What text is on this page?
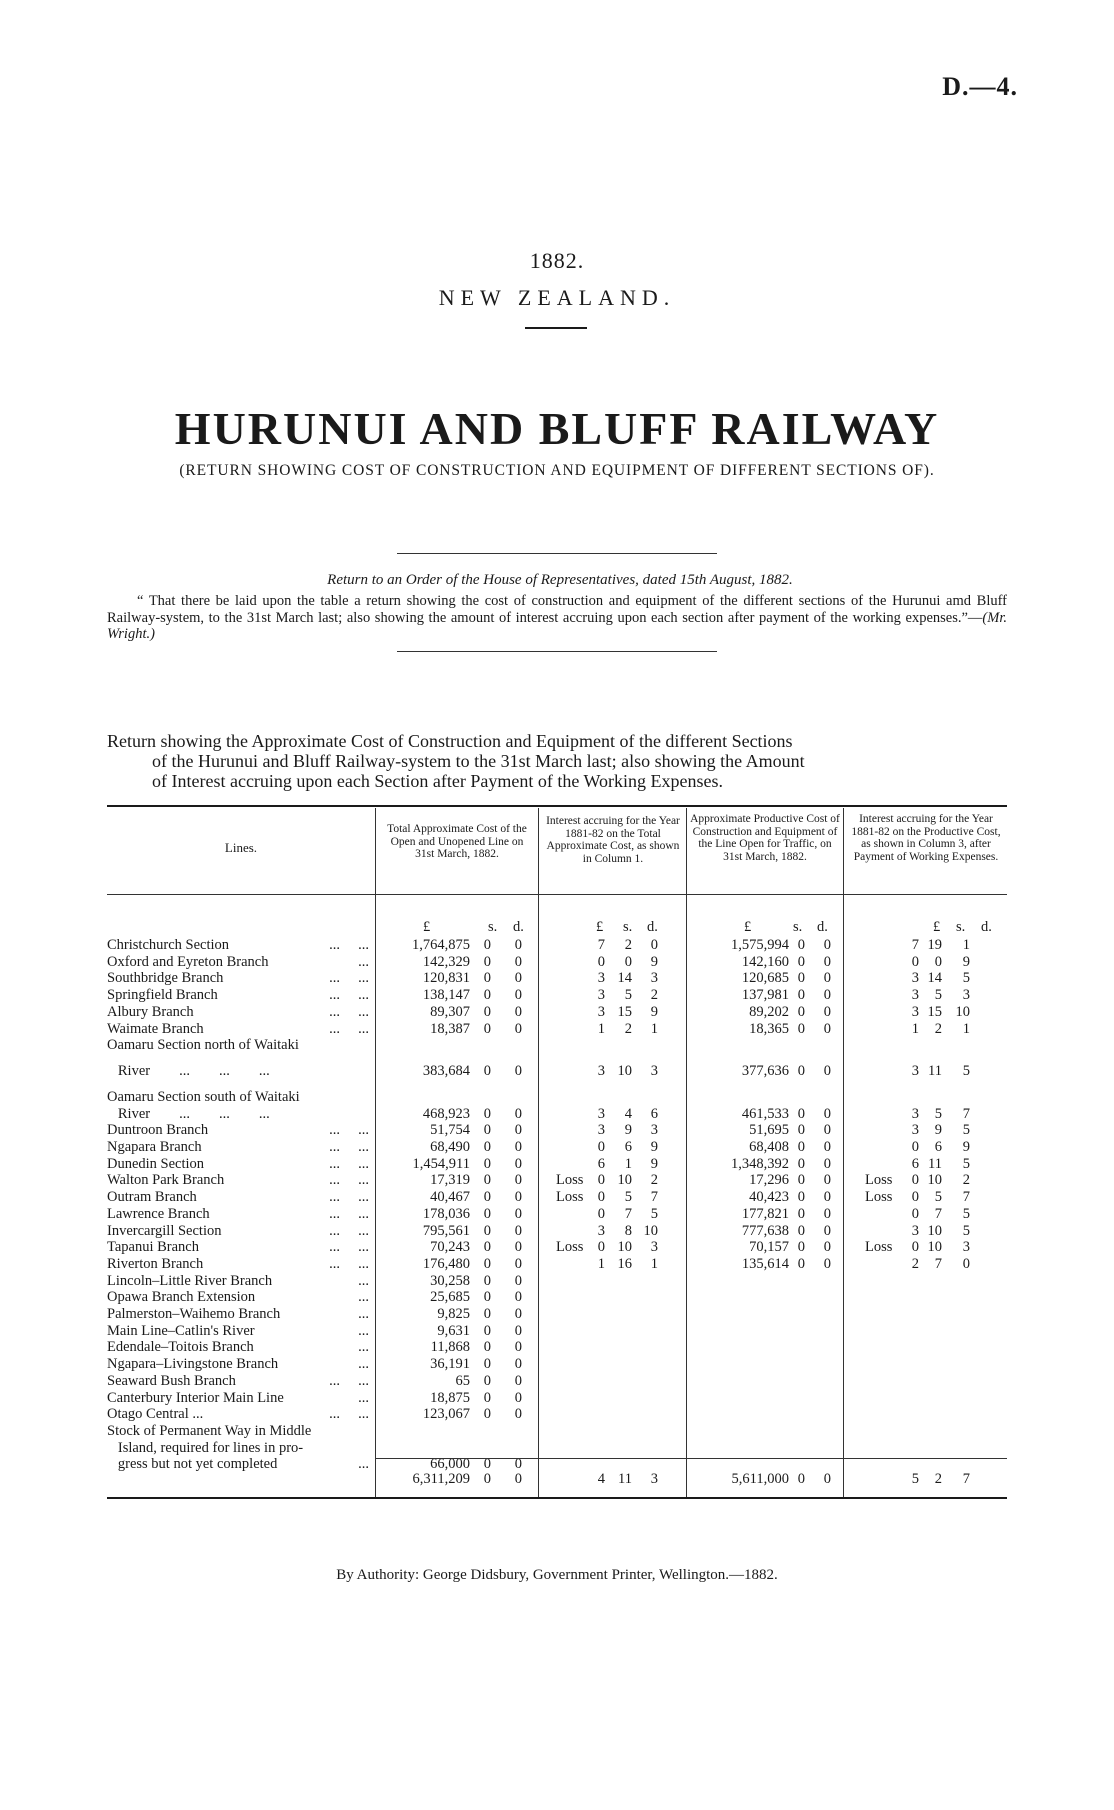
D.—4.
1882.
NEW ZEALAND.
HURUNUI AND BLUFF RAILWAY
(RETURN SHOWING COST OF CONSTRUCTION AND EQUIPMENT OF DIFFERENT SECTIONS OF).
Return to an Order of the House of Representatives, dated 15th August, 1882.
“ That there be laid upon the table a return showing the cost of construction and equipment of the different sections of the Hurunui amd Bluff Railway-system, to the 31st March last; also showing the amount of interest accruing upon each section after payment of the working expenses.”—(Mr. Wright.)
Return showing the Approximate Cost of Construction and Equipment of the different Sections
of the Hurunui and Bluff Railway-system to the 31st March last; also showing the Amount
of Interest accruing upon each Section after Payment of the Working Expenses.
Lines.
Total Approximate Cost of the Open and Unopened Line on 31st March, 1882.
Interest accruing for the Year 1881-82 on the Total Approximate Cost, as shown in Column 1.
Approximate Productive Cost of Construction and Equipment of the Line Open for Traffic, on 31st March, 1882.
Interest accruing for the Year 1881-82 on the Productive Cost, as shown in Column 3, after Payment of Working Expenses.
£	s. d.	£ s. d.	£	s. d.	£ s. d.
Christchurch Section	...     ...	1,764,875 0 0	7 2 0	1,575,994 0 0	7 19 1
Oxford and Eyreton Branch	...	142,329 0 0	0 0 9	142,160 0 0	0 0 9
Southbridge Branch	...     ...	120,831 0 0	3 14 3	120,685 0 0	3 14 5
Springfield Branch	...     ...	138,147 0 0	3 5 2	137,981 0 0	3 5 3
Albury Branch	...     ...	89,307 0 0	3 15 9	89,202 0 0	3 15 10
Waimate Branch	...     ...	18,387 0 0	1 2 1	18,365 0 0	1 2 1
Oamaru Section north of Waitaki
River        ...        ...        ...	383,684 0 0	3 10 3	377,636 0 0	3 11 5
Oamaru Section south of Waitaki
River        ...        ...        ...	468,923 0 0	3 4 6	461,533 0 0	3 5 7
Duntroon Branch	...     ...	51,754 0 0	3 9 3	51,695 0 0	3 9 5
Ngapara Branch	...     ...	68,490 0 0	0 6 9	68,408 0 0	0 6 9
Dunedin Section	...     ...	1,454,911 0 0	6 1 9	1,348,392 0 0	6 11 5
Walton Park Branch	...     ...	17,319 0 0 Loss 0 10 2	17,296 0 0 Loss 0 10 2
Outram Branch	...     ...	40,467 0 0 Loss 0 5 7	40,423 0 0 Loss 0 5 7
Lawrence Branch	...     ...	178,036 0 0	0 7 5	177,821 0 0	0 7 5
Invercargill Section	...     ...	795,561 0 0	3 8 10	777,638 0 0	3 10 5
Tapanui Branch	...     ...	70,243 0 0 Loss 0 10 3	70,157 0 0 Loss 0 10 3
Riverton Branch	...     ...	176,480 0 0	1 16 1	135,614 0 0	2 7 0
Lincoln–Little River Branch	...	30,258 0 0
Opawa Branch Extension	...	25,685 0 0
Palmerston–Waihemo Branch	...	9,825 0 0
Main Line–Catlin's River	...	9,631 0 0
Edendale–Toitois Branch	...	11,868 0 0
Ngapara–Livingstone Branch	...	36,191 0 0
Seaward Bush Branch	...     ...	65 0 0
Canterbury Interior Main Line	...	18,875 0 0
Otago Central ...	...     ...	123,067 0 0
Stock of Permanent Way in Middle
Island, required for lines in pro-
gress but not yet completed	...	66,000 0 0
6,311,209 0 0	4 11 3	5,611,000 0 0	5 2 7
By Authority: George Didsbury, Government Printer, Wellington.—1882.
